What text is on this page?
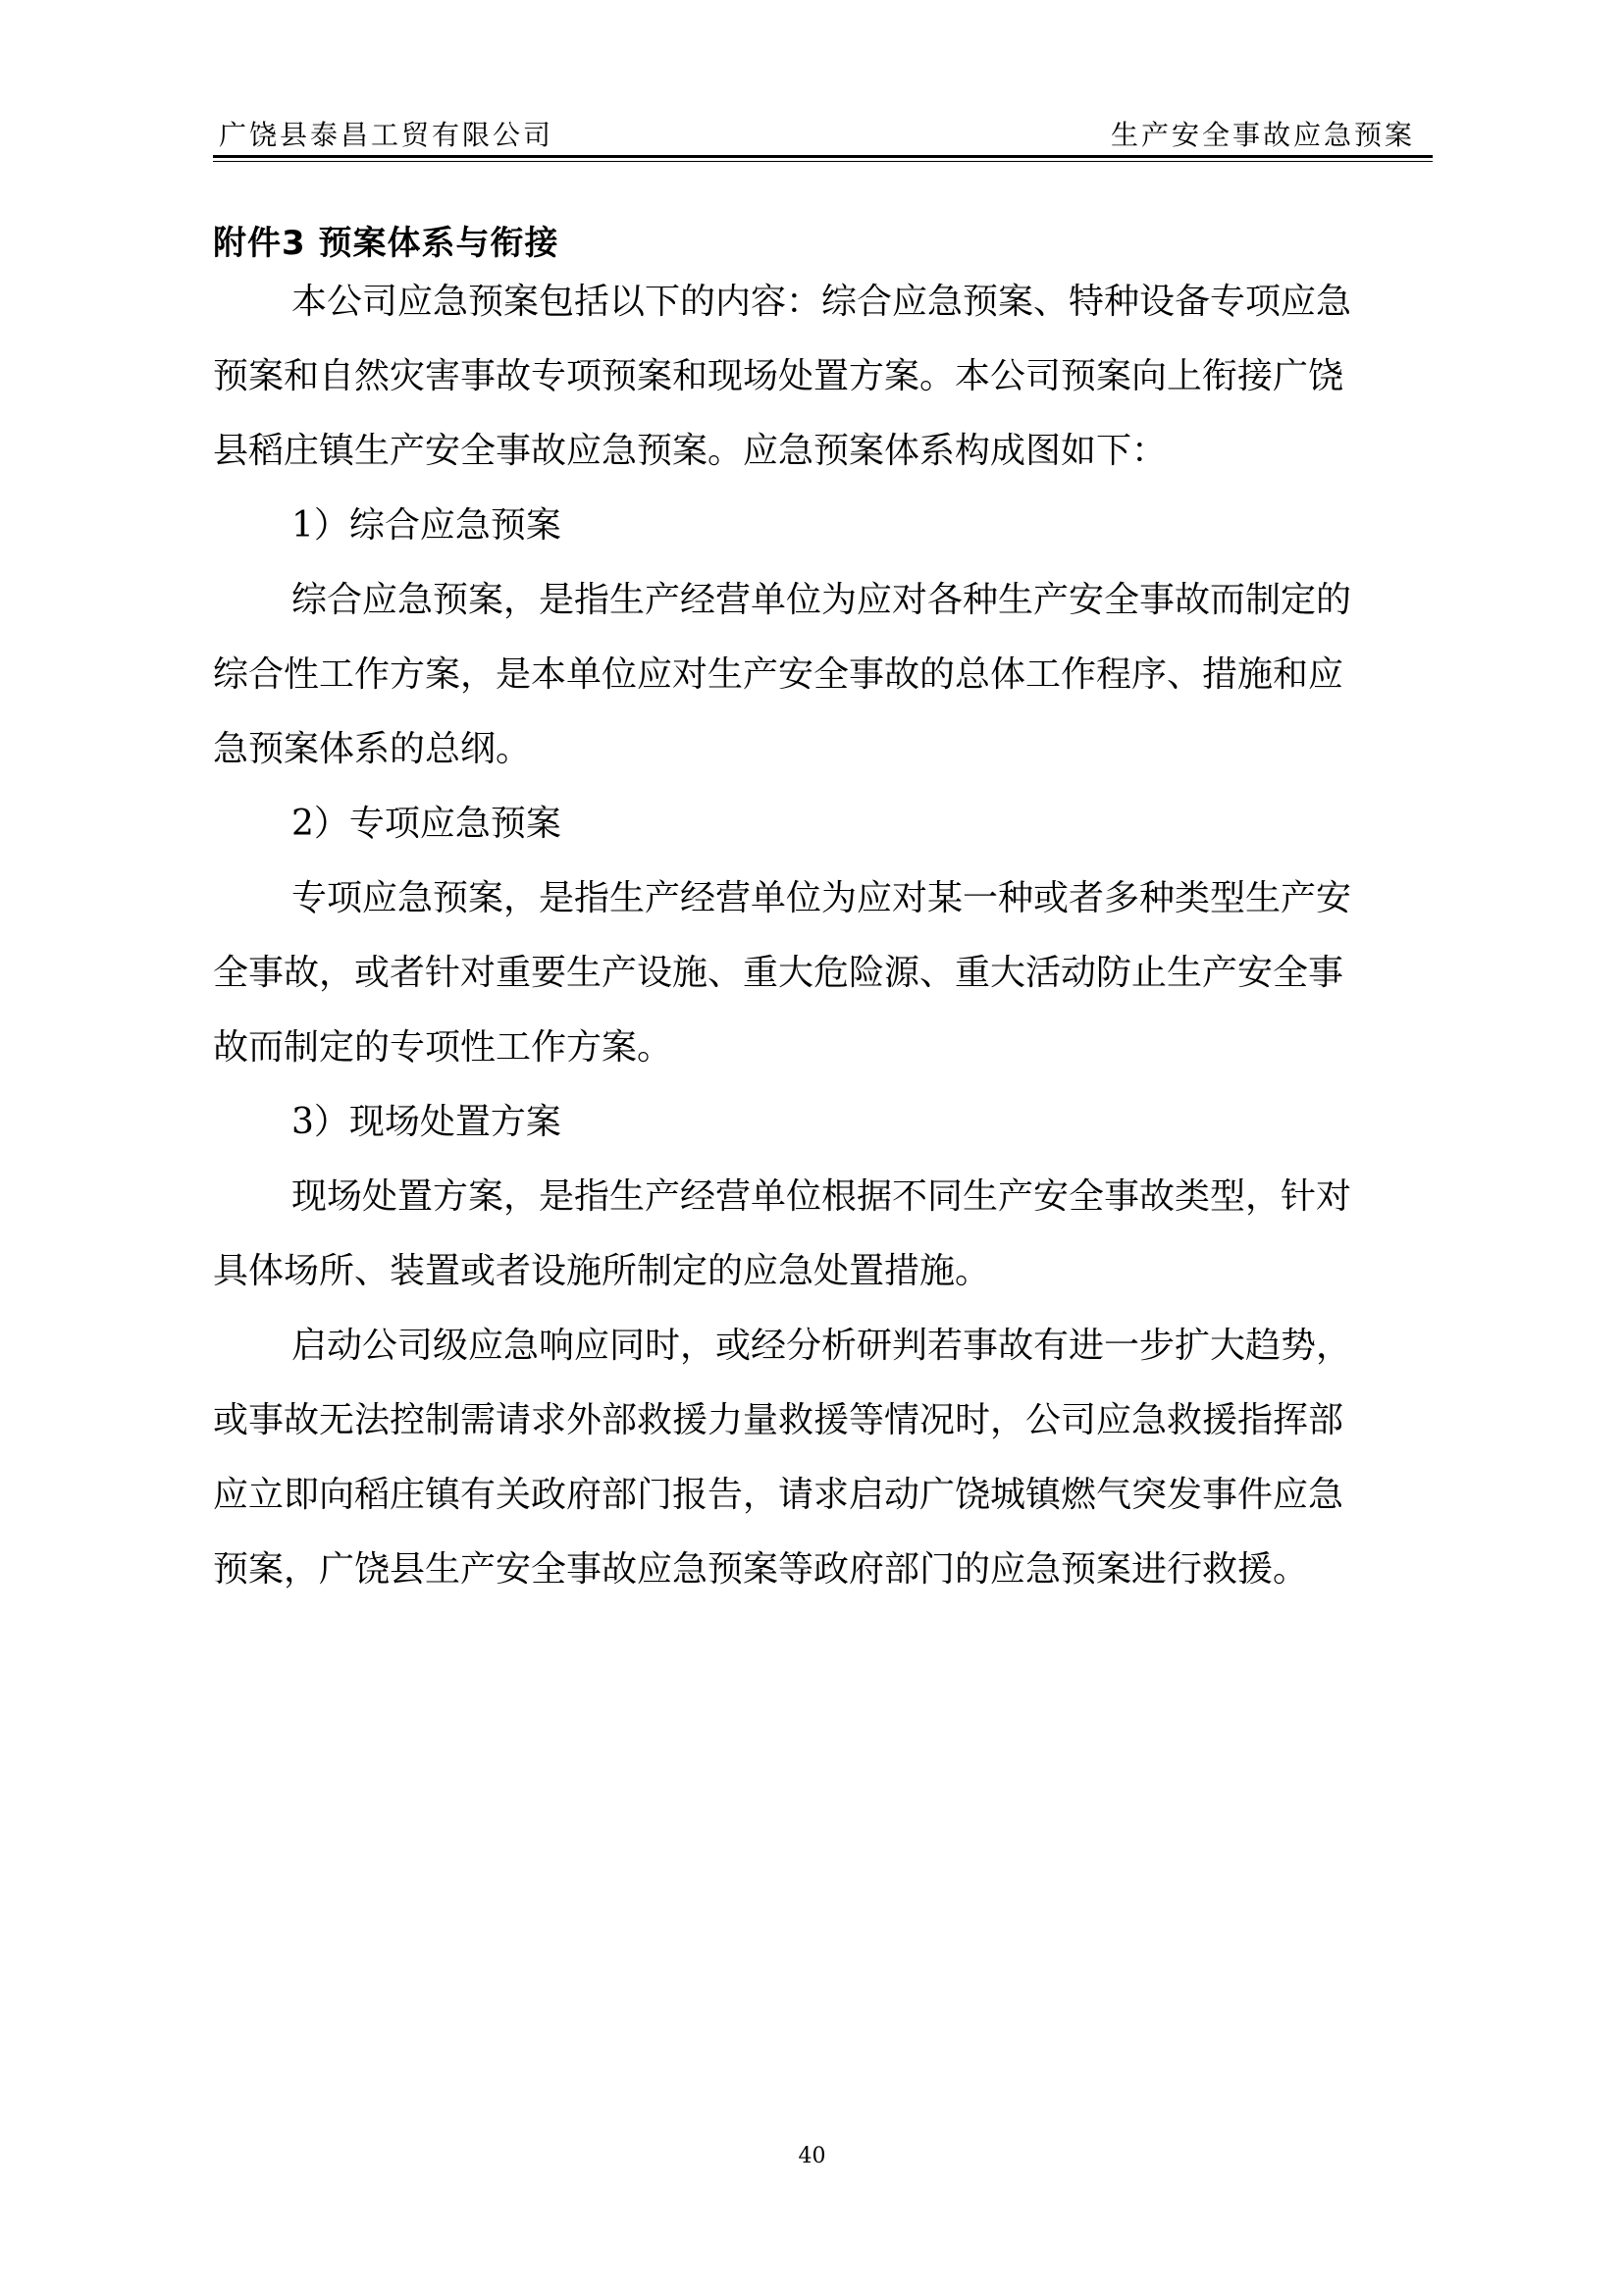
广饶县泰昌工贸有限公司	生产安全事故应急预案
附件3 预案体系与衔接
本公司应急预案包括以下的内容：综合应急预案、特种设备专项应急
预案和自然灾害事故专项预案和现场处置方案。本公司预案向上衔接广饶
县稻庄镇生产安全事故应急预案。应急预案体系构成图如下：
1）综合应急预案
综合应急预案，是指生产经营单位为应对各种生产安全事故而制定的
综合性工作方案，是本单位应对生产安全事故的总体工作程序、措施和应
急预案体系的总纲。
2）专项应急预案
专项应急预案，是指生产经营单位为应对某一种或者多种类型生产安
全事故，或者针对重要生产设施、重大危险源、重大活动防止生产安全事
故而制定的专项性工作方案。
3）现场处置方案
现场处置方案，是指生产经营单位根据不同生产安全事故类型，针对
具体场所、装置或者设施所制定的应急处置措施。
启动公司级应急响应同时，或经分析研判若事故有进一步扩大趋势，
或事故无法控制需请求外部救援力量救援等情况时，公司应急救援指挥部
应立即向稻庄镇有关政府部门报告，请求启动广饶城镇燃气突发事件应急
预案，广饶县生产安全事故应急预案等政府部门的应急预案进行救援。
40
